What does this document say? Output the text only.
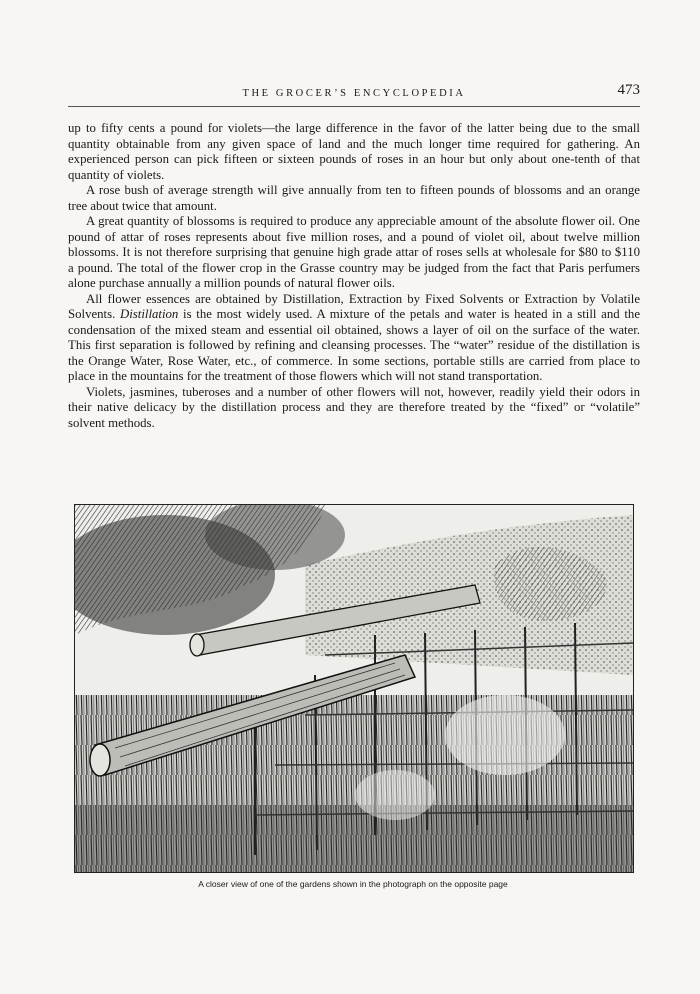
THE GROCER’S ENCYCLOPEDIA	473

up to fifty cents a pound for violets—the large difference in the favor of the latter being due to the small quantity obtainable from any given space of land and the much longer time required for gathering. An experienced person can pick fifteen or sixteen pounds of roses in an hour but only about one-tenth of that quantity of violets.

A rose bush of average strength will give annually from ten to fifteen pounds of blossoms and an orange tree about twice that amount.

A great quantity of blossoms is required to produce any appreciable amount of the absolute flower oil. One pound of attar of roses represents about five million roses, and a pound of violet oil, about twelve million blossoms. It is not therefore surprising that genuine high grade attar of roses sells at wholesale for $80 to $110 a pound. The total of the flower crop in the Grasse country may be judged from the fact that Paris perfumers alone purchase annually a million pounds of natural flower oils.

All flower essences are obtained by Distillation, Extraction by Fixed Solvents or Extraction by Volatile Solvents. Distillation is the most widely used. A mixture of the petals and water is heated in a still and the condensation of the mixed steam and essential oil obtained, shows a layer of oil on the surface of the water. This first separation is followed by refining and cleansing processes. The “water” residue of the distillation is the Orange Water, Rose Water, etc., of commerce. In some sections, portable stills are carried from place to place in the mountains for the treatment of those flowers which will not stand transportation.

Violets, jasmines, tuberoses and a number of other flowers will not, however, readily yield their odors in their native delicacy by the distillation process and they are therefore treated by the “fixed” or “volatile” solvent methods.

A closer view of one of the gardens shown in the photograph on the opposite page
